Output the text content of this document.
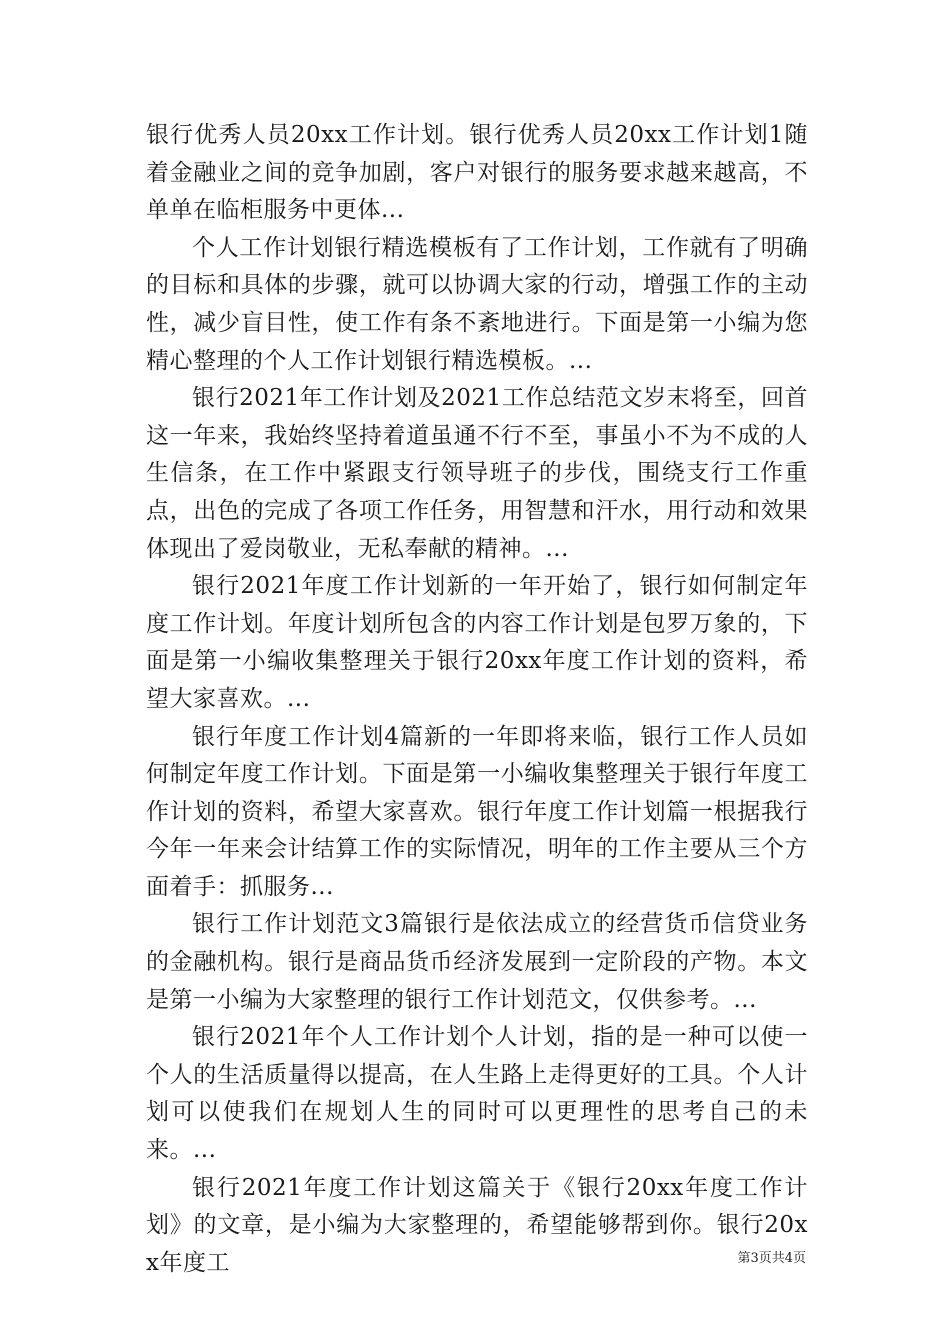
银行优秀人员20xx工作计划。银行优秀人员20xx工作计划1随着金融业之间的竞争加剧，客户对银行的服务要求越来越高，不单单在临柜服务中更体...

个人工作计划银行精选模板有了工作计划，工作就有了明确的目标和具体的步骤，就可以协调大家的行动，增强工作的主动性，减少盲目性，使工作有条不紊地进行。下面是第一小编为您精心整理的个人工作计划银行精选模板。...

银行2021年工作计划及2021工作总结范文岁末将至，回首这一年来，我始终坚持着道虽通不行不至，事虽小不为不成的人生信条，在工作中紧跟支行领导班子的步伐，围绕支行工作重点，出色的完成了各项工作任务，用智慧和汗水，用行动和效果体现出了爱岗敬业，无私奉献的精神。...

银行2021年度工作计划新的一年开始了，银行如何制定年度工作计划。年度计划所包含的内容工作计划是包罗万象的，下面是第一小编收集整理关于银行20xx年度工作计划的资料，希望大家喜欢。...

银行年度工作计划4篇新的一年即将来临，银行工作人员如何制定年度工作计划。下面是第一小编收集整理关于银行年度工作计划的资料，希望大家喜欢。银行年度工作计划篇一根据我行今年一年来会计结算工作的实际情况，明年的工作主要从三个方面着手：抓服务...

银行工作计划范文3篇银行是依法成立的经营货币信贷业务的金融机构。银行是商品货币经济发展到一定阶段的产物。本文是第一小编为大家整理的银行工作计划范文，仅供参考。...

银行2021年个人工作计划个人计划，指的是一种可以使一个人的生活质量得以提高，在人生路上走得更好的工具。个人计划可以使我们在规划人生的同时可以更理性的思考自己的未来。...

银行2021年度工作计划这篇关于《银行20xx年度工作计划》的文章，是小编为大家整理的，希望能够帮到你。银行20xx年度工	第3页共4页
